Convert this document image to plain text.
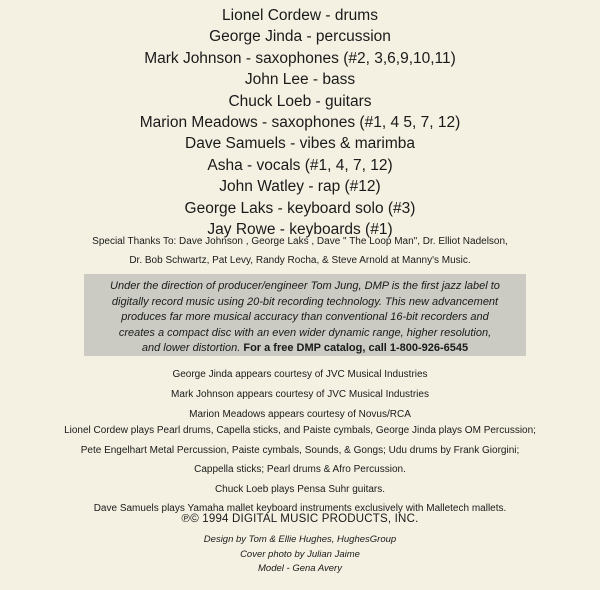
Lionel Cordew - drums
George Jinda - percussion
Mark Johnson - saxophones (#2, 3,6,9,10,11)
John Lee - bass
Chuck Loeb - guitars
Marion Meadows - saxophones (#1, 4 5, 7, 12)
Dave Samuels - vibes & marimba
Asha - vocals (#1, 4, 7, 12)
John Watley - rap (#12)
George Laks - keyboard solo (#3)
Jay Rowe - keyboards (#1)
Special Thanks To: Dave Johnson , George Laks , Dave " The Loop Man", Dr. Elliot Nadelson,
Dr. Bob Schwartz, Pat Levy, Randy Rocha, & Steve Arnold at Manny's Music.
Under the direction of producer/engineer Tom Jung, DMP is the first jazz label to
digitally record music using 20-bit recording technology. This new advancement
produces far more musical accuracy than conventional 16-bit recorders and
creates a compact disc with an even wider dynamic range, higher resolution,
and lower distortion. For a free DMP catalog, call 1-800-926-6545
George Jinda appears courtesy of JVC Musical Industries
Mark Johnson appears courtesy of JVC Musical Industries
Marion Meadows appears courtesy of Novus/RCA
Lionel Cordew plays Pearl drums, Capella sticks, and Paiste cymbals, George Jinda plays OM Percussion;
Pete Engelhart Metal Percussion, Paiste cymbals, Sounds, & Gongs; Udu drums by Frank Giorgini;
Cappella sticks; Pearl drums & Afro Percussion.
Chuck Loeb plays Pensa Suhr guitars.
Dave Samuels plays Yamaha mallet keyboard instruments exclusively with Malletech mallets.
℗© 1994 DIGITAL MUSIC PRODUCTS, INC.
Design by Tom & Ellie Hughes, HughesGroup
Cover photo by Julian Jaime
Model - Gena Avery
